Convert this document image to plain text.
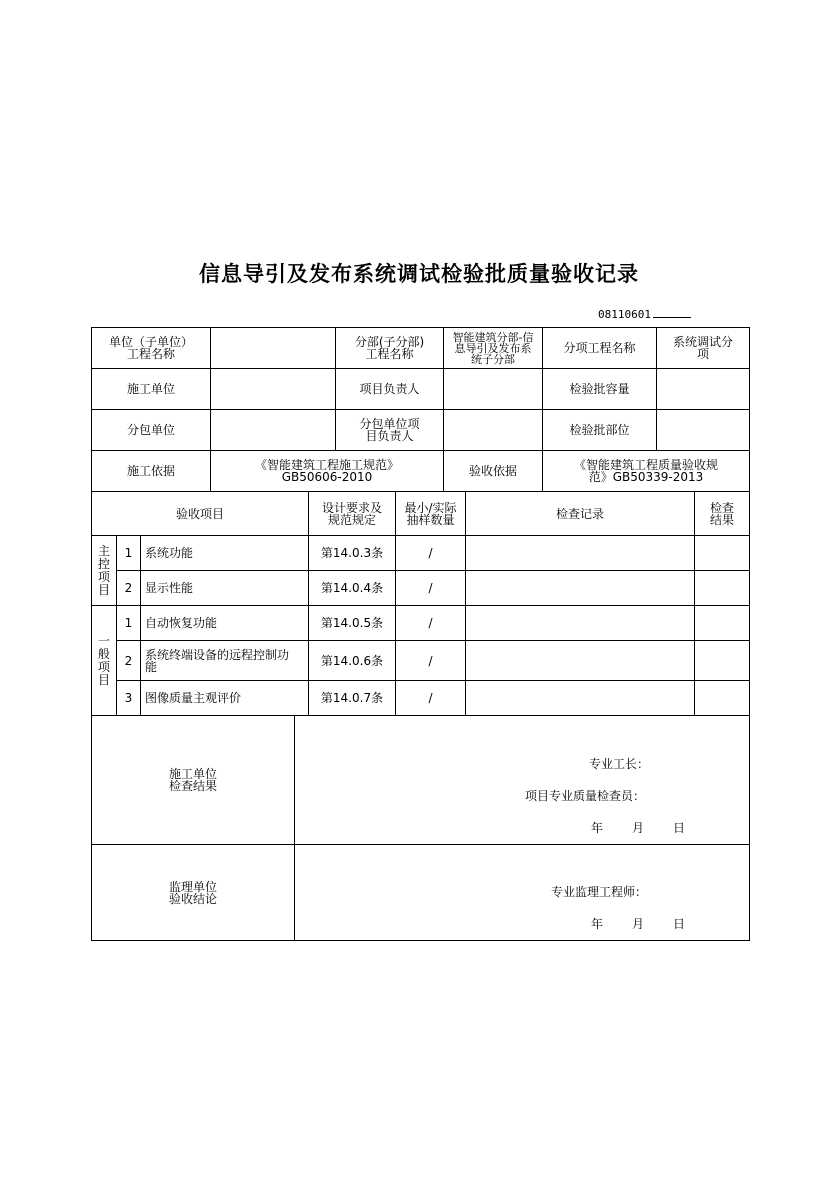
信息导引及发布系统调试检验批质量验收记录
08110601
单位（子单位）工程名称		分部(子分部)工程名称	智能建筑分部-信息导引及发布系统子分部	分项工程名称	系统调试分项
施工单位		项目负责人		检验批容量	
分包单位		分包单位项目负责人		检验批部位	
施工依据	《智能建筑工程施工规范》GB50606-2010		验收依据	《智能建筑工程质量验收规范》GB50339-2013	
验收项目			设计要求及规范规定	最小/实际抽样数量	检查记录	检查结果
主控项目	1	系统功能	第14.0.3条	/		
	2	显示性能	第14.0.4条	/		
一般项目	1	自动恢复功能	第14.0.5条	/		
	2	系统终端设备的远程控制功能	第14.0.6条	/		
	3	图像质量主观评价	第14.0.7条	/		
施工单位检查结果	专业工长：
项目专业质量检查员：
年 月 日

监理单位验收结论	专业监理工程师：
年 月 日
